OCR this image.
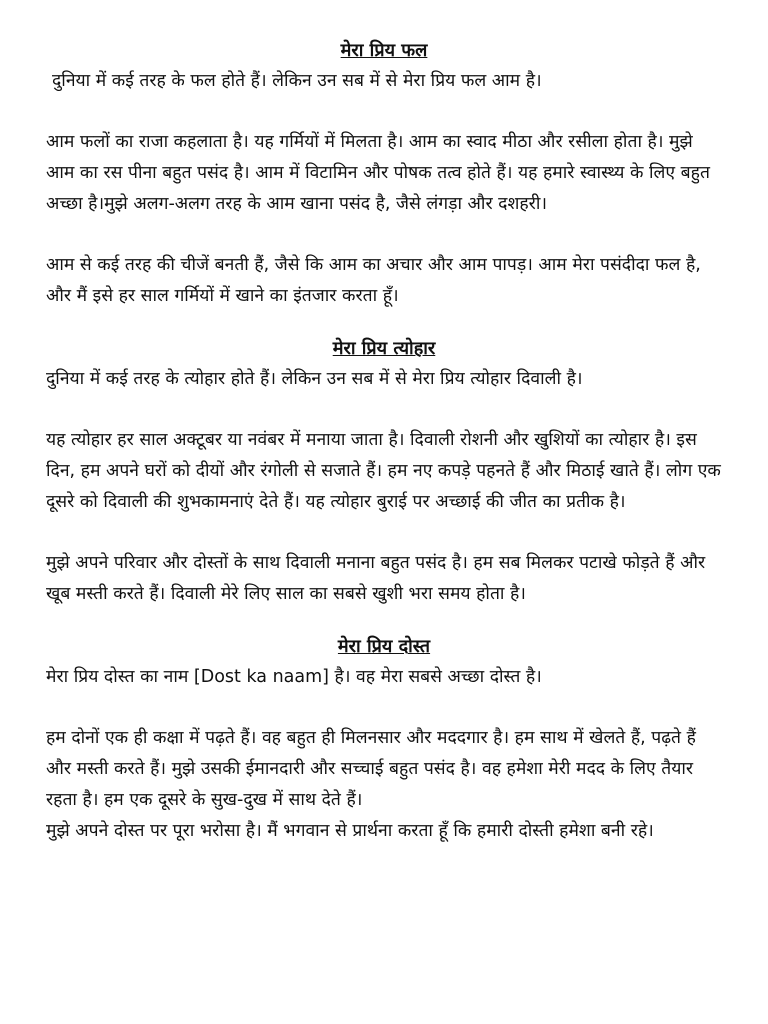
मेरा प्रिय फल

दुनिया में कई तरह के फल होते हैं। लेकिन उन सब में से मेरा प्रिय फल आम है।

आम फलों का राजा कहलाता है। यह गर्मियों में मिलता है। आम का स्वाद मीठा और रसीला होता है। मुझे आम का रस पीना बहुत पसंद है। आम में विटामिन और पोषक तत्व होते हैं। यह हमारे स्वास्थ्य के लिए बहुत अच्छा है।मुझे अलग-अलग तरह के आम खाना पसंद है, जैसे लंगड़ा और दशहरी।

आम से कई तरह की चीजें बनती हैं, जैसे कि आम का अचार और आम पापड़। आम मेरा पसंदीदा फल है, और मैं इसे हर साल गर्मियों में खाने का इंतजार करता हूँ।

मेरा प्रिय त्योहार

दुनिया में कई तरह के त्योहार होते हैं। लेकिन उन सब में से मेरा प्रिय त्योहार दिवाली है।

यह त्योहार हर साल अक्टूबर या नवंबर में मनाया जाता है। दिवाली रोशनी और खुशियों का त्योहार है। इस दिन, हम अपने घरों को दीयों और रंगोली से सजाते हैं। हम नए कपड़े पहनते हैं और मिठाई खाते हैं। लोग एक दूसरे को दिवाली की शुभकामनाएं देते हैं। यह त्योहार बुराई पर अच्छाई की जीत का प्रतीक है।

मुझे अपने परिवार और दोस्तों के साथ दिवाली मनाना बहुत पसंद है। हम सब मिलकर पटाखे फोड़ते हैं और खूब मस्ती करते हैं। दिवाली मेरे लिए साल का सबसे खुशी भरा समय होता है।

मेरा प्रिय दोस्त

मेरा प्रिय दोस्त का नाम [Dost ka naam] है। वह मेरा सबसे अच्छा दोस्त है।

हम दोनों एक ही कक्षा में पढ़ते हैं। वह बहुत ही मिलनसार और मददगार है। हम साथ में खेलते हैं, पढ़ते हैं और मस्ती करते हैं। मुझे उसकी ईमानदारी और सच्चाई बहुत पसंद है। वह हमेशा मेरी मदद के लिए तैयार रहता है। हम एक दूसरे के सुख-दुख में साथ देते हैं।

मुझे अपने दोस्त पर पूरा भरोसा है। मैं भगवान से प्रार्थना करता हूँ कि हमारी दोस्ती हमेशा बनी रहे।
